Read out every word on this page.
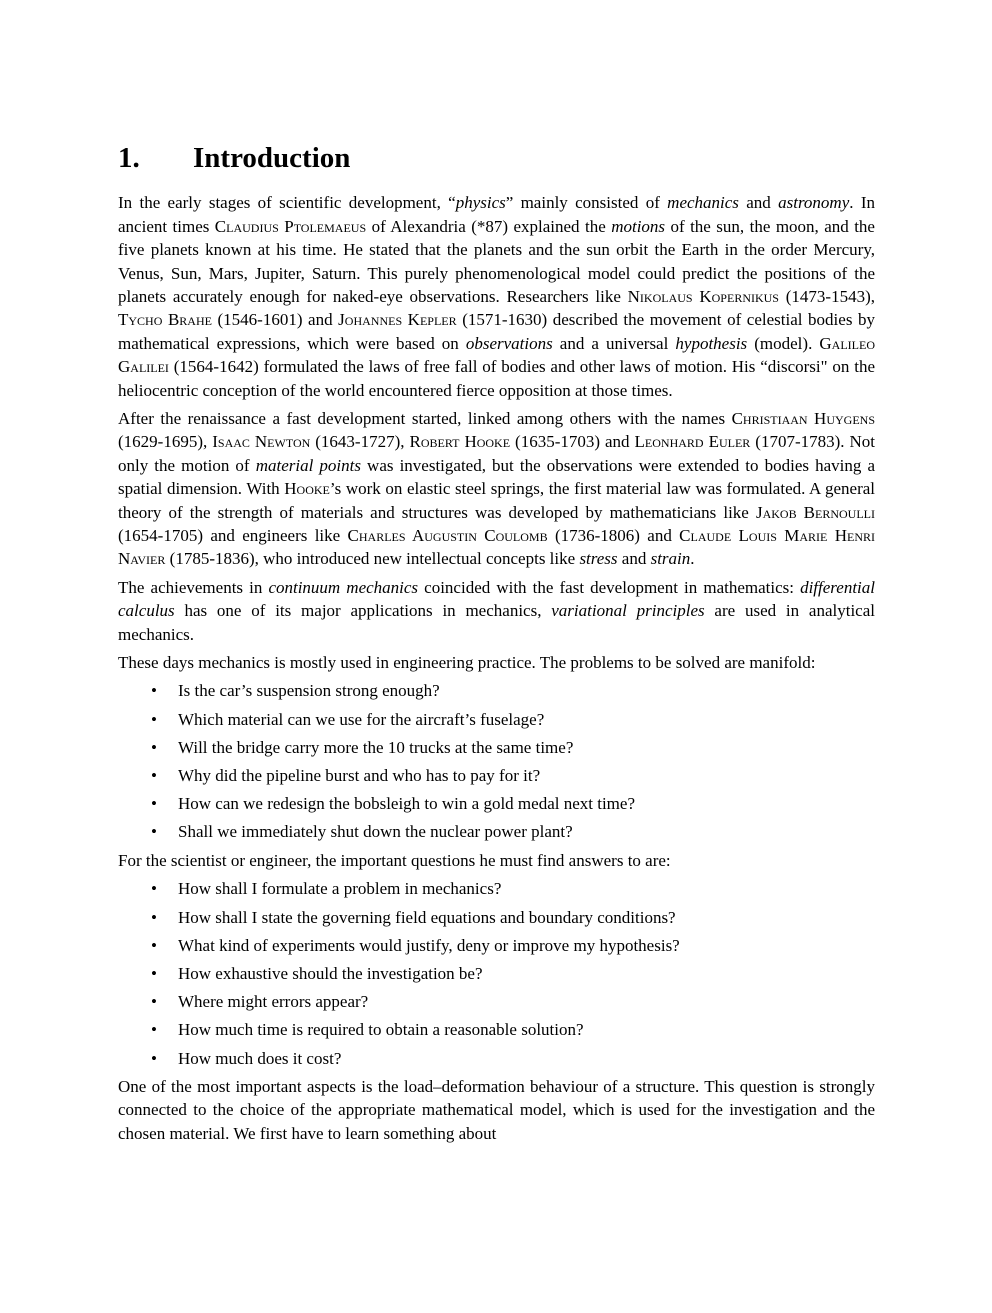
1. Introduction

In the early stages of scientific development, “physics” mainly consisted of mechanics and astronomy. In ancient times Claudius Ptolemaeus of Alexandria (*87) explained the motions of the sun, the moon, and the five planets known at his time. He stated that the planets and the sun orbit the Earth in the order Mercury, Venus, Sun, Mars, Jupiter, Saturn. This purely phenomenological model could predict the positions of the planets accurately enough for naked-eye observations. Researchers like Nikolaus Kopernikus (1473-1543), Tycho Brahe (1546-1601) and Johannes Kepler (1571-1630) described the movement of celestial bodies by mathematical expressions, which were based on observations and a universal hypothesis (model). Galileo Galilei (1564-1642) formulated the laws of free fall of bodies and other laws of motion. His “discorsi" on the heliocentric conception of the world encountered fierce opposition at those times.

After the renaissance a fast development started, linked among others with the names Christiaan Huygens (1629-1695), Isaac Newton (1643-1727), Robert Hooke (1635-1703) and Leonhard Euler (1707-1783). Not only the motion of material points was investigated, but the observations were extended to bodies having a spatial dimension. With Hooke’s work on elastic steel springs, the first material law was formulated. A general theory of the strength of materials and structures was developed by mathematicians like Jakob Bernoulli (1654-1705) and engineers like Charles Augustin Coulomb (1736-1806) and Claude Louis Marie Henri Navier (1785-1836), who introduced new intellectual concepts like stress and strain.

The achievements in continuum mechanics coincided with the fast development in mathematics: differential calculus has one of its major applications in mechanics, variational principles are used in analytical mechanics.

These days mechanics is mostly used in engineering practice. The problems to be solved are manifold:

• Is the car’s suspension strong enough?
• Which material can we use for the aircraft’s fuselage?
• Will the bridge carry more the 10 trucks at the same time?
• Why did the pipeline burst and who has to pay for it?
• How can we redesign the bobsleigh to win a gold medal next time?
• Shall we immediately shut down the nuclear power plant?

For the scientist or engineer, the important questions he must find answers to are:

• How shall I formulate a problem in mechanics?
• How shall I state the governing field equations and boundary conditions?
• What kind of experiments would justify, deny or improve my hypothesis?
• How exhaustive should the investigation be?
• Where might errors appear?
• How much time is required to obtain a reasonable solution?
• How much does it cost?

One of the most important aspects is the load–deformation behaviour of a structure. This question is strongly connected to the choice of the appropriate mathematical model, which is used for the investigation and the chosen material. We first have to learn something about
